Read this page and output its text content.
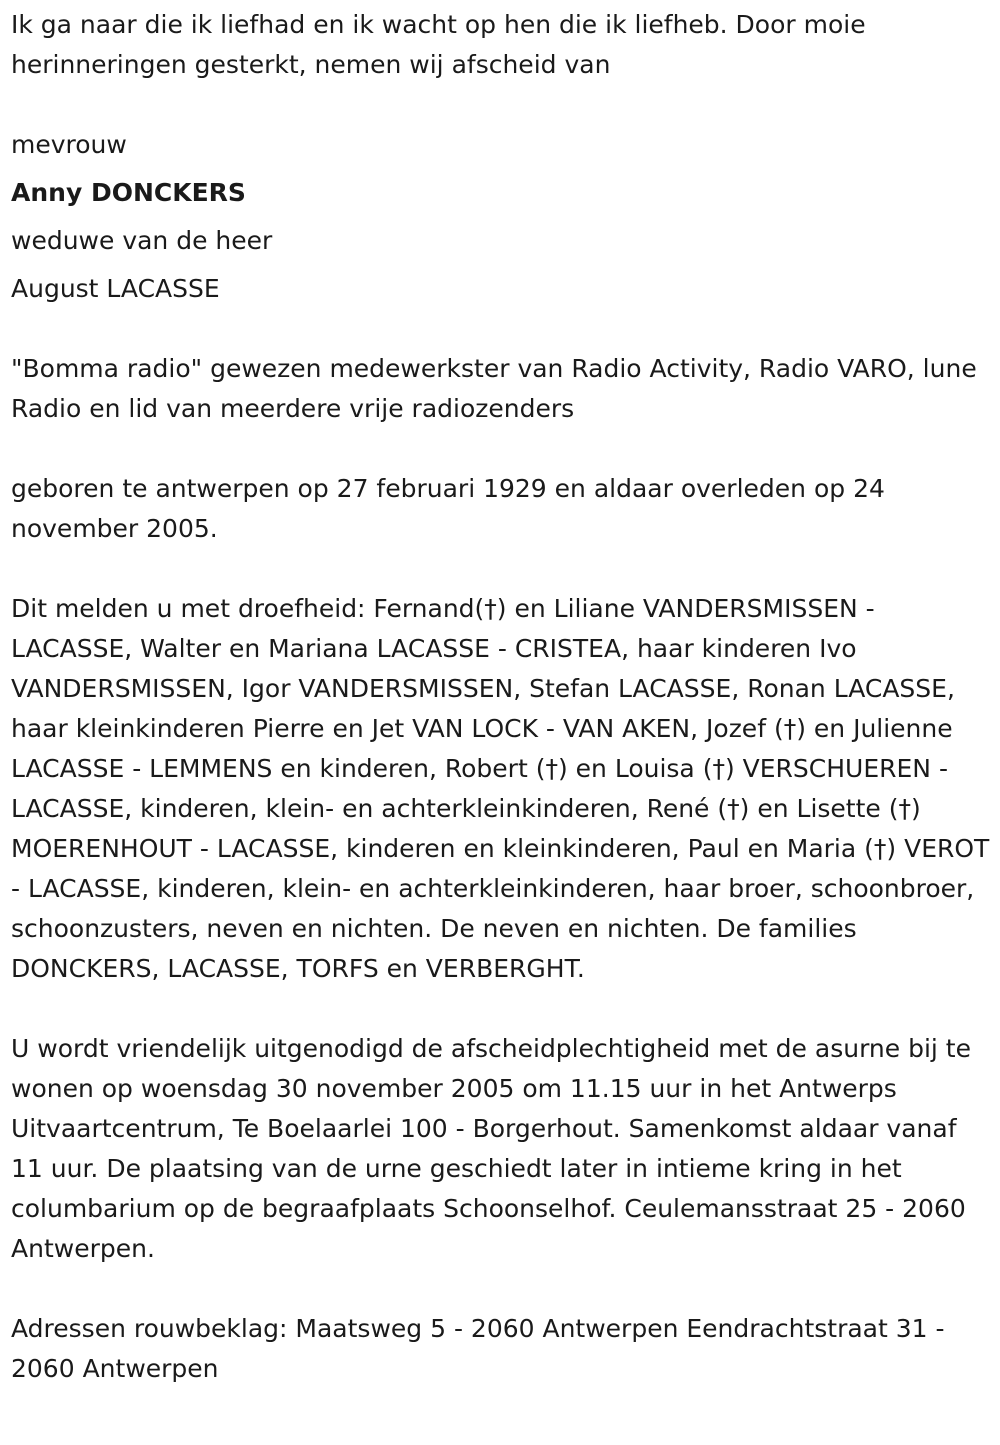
Ik ga naar die ik liefhad en ik wacht op hen die ik liefheb. Door moie herinneringen gesterkt, nemen wij afscheid van

mevrouw

Anny DONCKERS

weduwe van de heer

August LACASSE

"Bomma radio" gewezen medewerkster van Radio Activity, Radio VARO, lune Radio en lid van meerdere vrije radiozenders

geboren te antwerpen op 27 februari 1929 en aldaar overleden op 24 november 2005.

Dit melden u met droefheid: Fernand(†) en Liliane VANDERSMISSEN - LACASSE, Walter en Mariana LACASSE - CRISTEA, haar kinderen Ivo VANDERSMISSEN, Igor VANDERSMISSEN, Stefan LACASSE, Ronan LACASSE, haar kleinkinderen Pierre en Jet VAN LOCK - VAN AKEN, Jozef (†) en Julienne LACASSE - LEMMENS en kinderen, Robert (†) en Louisa (†) VERSCHUEREN - LACASSE, kinderen, klein- en achterkleinkinderen, René (†) en Lisette (†) MOERENHOUT - LACASSE, kinderen en kleinkinderen, Paul en Maria (†) VEROT - LACASSE, kinderen, klein- en achterkleinkinderen, haar broer, schoonbroer, schoonzusters, neven en nichten. De neven en nichten. De families DONCKERS, LACASSE, TORFS en VERBERGHT.

U wordt vriendelijk uitgenodigd de afscheidplechtigheid met de asurne bij te wonen op woensdag 30 november 2005 om 11.15 uur in het Antwerps Uitvaartcentrum, Te Boelaarlei 100 - Borgerhout. Samenkomst aldaar vanaf 11 uur. De plaatsing van de urne geschiedt later in intieme kring in het columbarium op de begraafplaats Schoonselhof. Ceulemansstraat 25 - 2060 Antwerpen.

Adressen rouwbeklag: Maatsweg 5 - 2060 Antwerpen Eendrachtstraat 31 - 2060 Antwerpen
